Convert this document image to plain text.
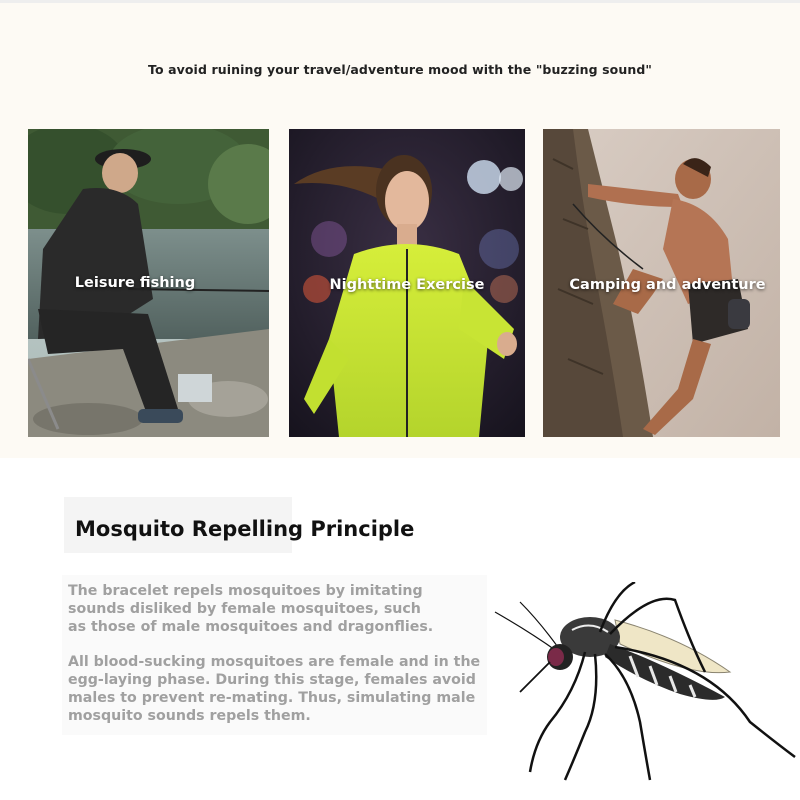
To avoid ruining your travel/adventure mood with the "buzzing sound"
Leisure fishing	Nighttime Exercise	Camping and adventure
Mosquito Repelling Principle
The bracelet repels mosquitoes by imitating
sounds disliked by female mosquitoes, such
as those of male mosquitoes and dragonflies.
All blood-sucking mosquitoes are female and in the
egg-laying phase. During this stage, females avoid
males to prevent re-mating. Thus, simulating male
mosquito sounds repels them.
